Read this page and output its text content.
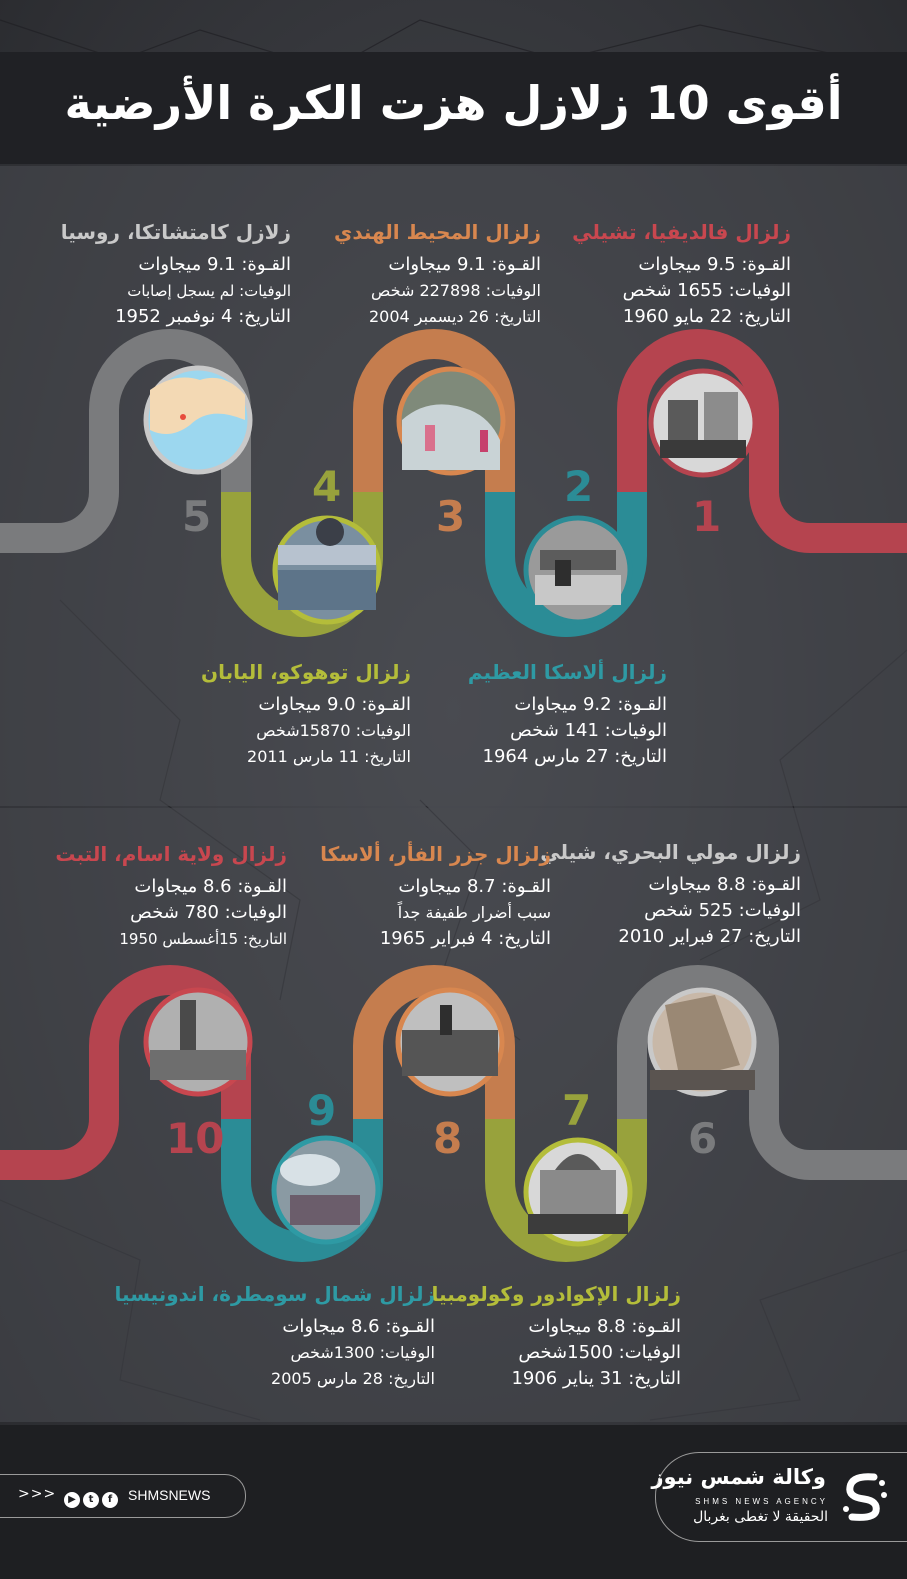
أقوى 10 زلازل هزت الكرة الأرضية
1
2
3
4
5
6
7
8
9
10
زلزال فالديفيا، تشيلي
القـوة: 9.5 ميجاوات
الوفيات: 1655 شخص
التاريخ: 22 مايو 1960
زلزال ألاسكا العظيم
القـوة: 9.2 ميجاوات
الوفيات: 141 شخص
التاريخ: 27 مارس 1964
زلزال المحيط الهندي
القـوة: 9.1 ميجاوات
الوفيات: 227898 شخص
التاريخ: 26 ديسمبر 2004
زلزال توهوكو، اليابان
القـوة: 9.0 ميجاوات
الوفيات: 15870شخص
التاريخ: 11 مارس 2011
زلازل كامتشاتكا، روسيا
القـوة: 9.1 ميجاوات
الوفيات: لم يسجل إصابات
التاريخ: 4 نوفمبر 1952
زلزال مولي البحري، شيلي
القـوة: 8.8 ميجاوات
الوفيات: 525 شخص
التاريخ: 27 فبراير 2010
زلزال الإكوادور وكولومبيا
القـوة: 8.8 ميجاوات
الوفيات: 1500شخص
التاريخ: 31 يناير 1906
زلزال جزر الفأر، ألاسكا
القـوة: 8.7 ميجاوات
سبب أضرار طفيفة جداً
التاريخ: 4 فبراير 1965
زلزال شمال سومطرة، اندونيسيا
القـوة: 8.6 ميجاوات
الوفيات: 1300شخص
التاريخ: 28 مارس 2005
زلزال ولاية اسام، التبت
القـوة: 8.6 ميجاوات
الوفيات: 780 شخص
التاريخ: 15أغسطس 1950
>>>	▶ t f	SHMSNEWS
وكالة شمس نيوز
SHMS NEWS AGENCY
الحقيقة لا تغطى بغربال
